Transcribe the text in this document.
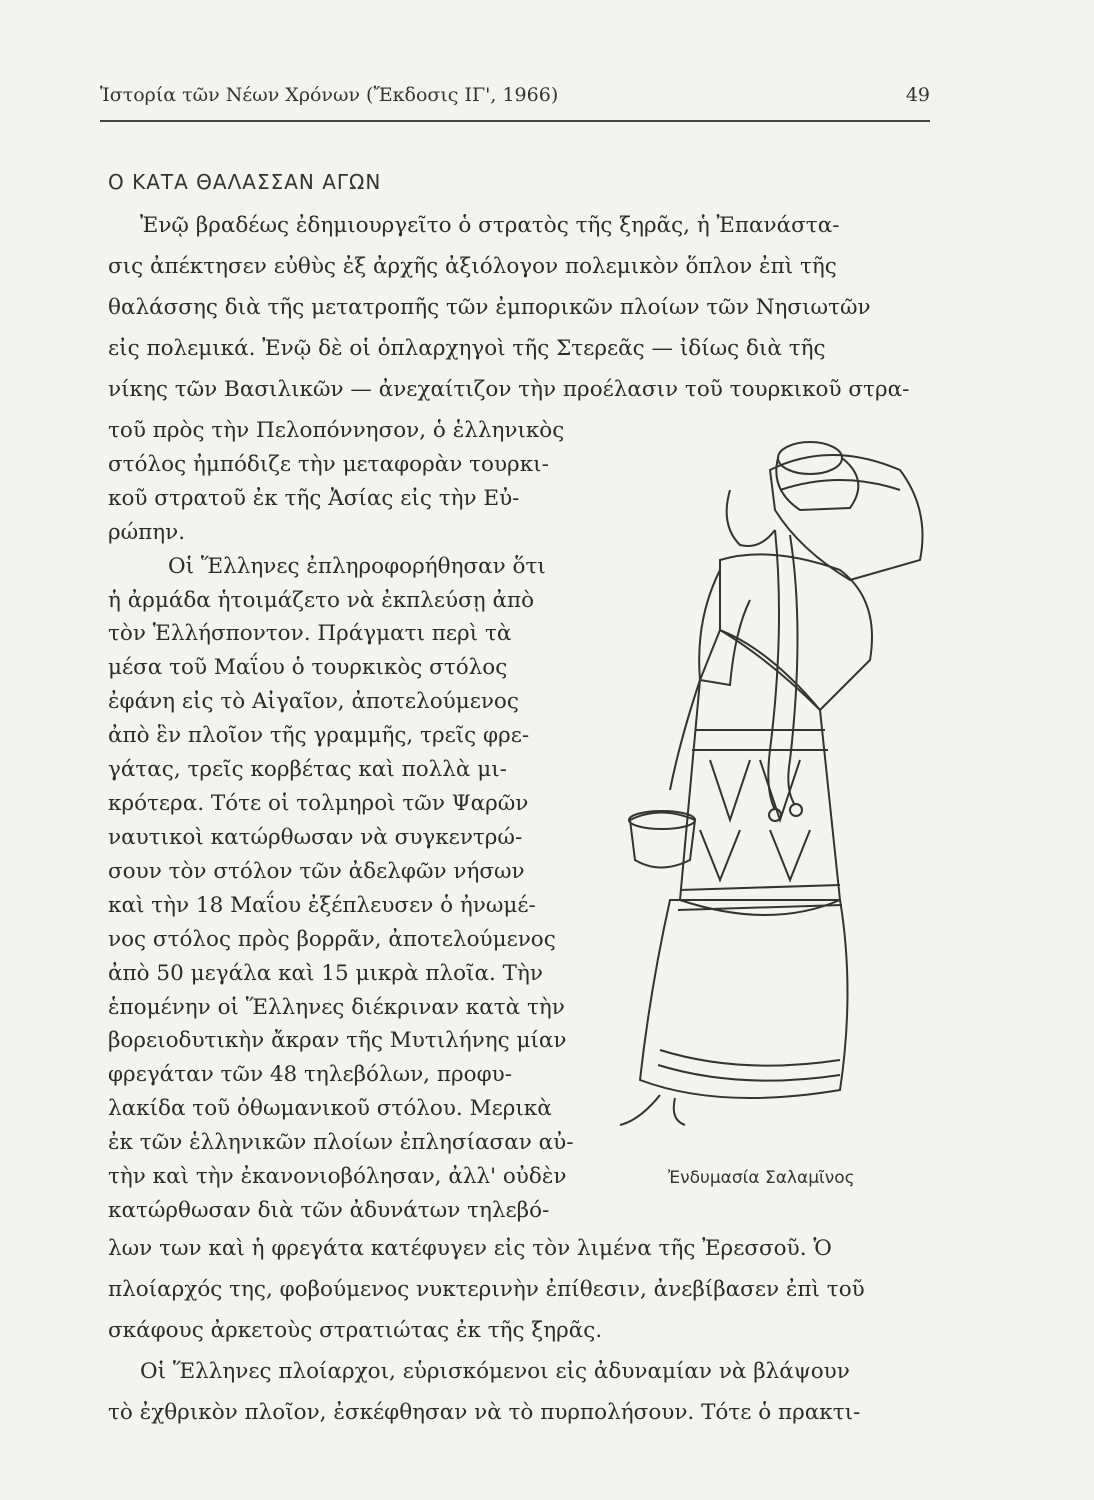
Ἱστορία τῶν Νέων Χρόνων (Ἔκδοσις ΙΓ', 1966)	49
Ο ΚΑΤΑ ΘΑΛΑΣΣΑΝ ΑΓΩΝ
Ἐνῷ βραδέως ἐδημιουργεῖτο ὁ στρατὸς τῆς ξηρᾶς, ἡ Ἐπανάστα-
σις ἀπέκτησεν εὐθὺς ἐξ ἀρχῆς ἀξιόλογον πολεμικὸν ὅπλον ἐπὶ τῆς
θαλάσσης διὰ τῆς μετατροπῆς τῶν ἐμπορικῶν πλοίων τῶν Νησιωτῶν
εἰς πολεμικά. Ἐνῷ δὲ οἱ ὁπλαρχηγοὶ τῆς Στερεᾶς — ἰδίως διὰ τῆς
νίκης τῶν Βασιλικῶν — ἀνεχαίτιζον τὴν προέλασιν τοῦ τουρκικοῦ στρα-
τοῦ πρὸς τὴν Πελοπόννησον, ὁ ἑλληνικὸς
στόλος ἠμπόδιζε τὴν μεταφορὰν τουρκι-
κοῦ στρατοῦ ἐκ τῆς Ἀσίας εἰς τὴν Εὐ-
ρώπην.
Οἱ Ἕλληνες ἐπληροφορήθησαν ὅτι
ἡ ἀρμάδα ἡτοιμάζετο νὰ ἐκπλεύσῃ ἀπὸ
τὸν Ἑλλήσποντον. Πράγματι περὶ τὰ
μέσα τοῦ Μαΐου ὁ τουρκικὸς στόλος
ἐφάνη εἰς τὸ Αἰγαῖον, ἀποτελούμενος
ἀπὸ ἓν πλοῖον τῆς γραμμῆς, τρεῖς φρε-
γάτας, τρεῖς κορβέτας καὶ πολλὰ μι-
κρότερα. Τότε οἱ τολμηροὶ τῶν Ψαρῶν
ναυτικοὶ κατώρθωσαν νὰ συγκεντρώ-
σουν τὸν στόλον τῶν ἀδελφῶν νήσων
καὶ τὴν 18 Μαΐου ἐξέπλευσεν ὁ ἠνωμέ-
νος στόλος πρὸς βορρᾶν, ἀποτελούμενος
ἀπὸ 50 μεγάλα καὶ 15 μικρὰ πλοῖα. Τὴν
ἑπομένην οἱ Ἕλληνες διέκριναν κατὰ τὴν
βορειοδυτικὴν ἄκραν τῆς Μυτιλήνης μίαν
φρεγάταν τῶν 48 τηλεβόλων, προφυ-
λακίδα τοῦ ὀθωμανικοῦ στόλου. Μερικὰ
ἐκ τῶν ἑλληνικῶν πλοίων ἐπλησίασαν αὐ-
τὴν καὶ τὴν ἐκανονιοβόλησαν, ἀλλ' οὐδὲν
κατώρθωσαν διὰ τῶν ἀδυνάτων τηλεβό-
Ἐνδυμασία Σαλαμῖνος
λων των καὶ ἡ φρεγάτα κατέφυγεν εἰς τὸν λιμένα τῆς Ἐρεσσοῦ. Ὁ
πλοίαρχός της, φοβούμενος νυκτερινὴν ἐπίθεσιν, ἀνεβίβασεν ἐπὶ τοῦ
σκάφους ἀρκετοὺς στρατιώτας ἐκ τῆς ξηρᾶς.
Οἱ Ἕλληνες πλοίαρχοι, εὑρισκόμενοι εἰς ἀδυναμίαν νὰ βλάψουν
τὸ ἐχθρικὸν πλοῖον, ἐσκέφθησαν νὰ τὸ πυρπολήσουν. Τότε ὁ πρακτι-
